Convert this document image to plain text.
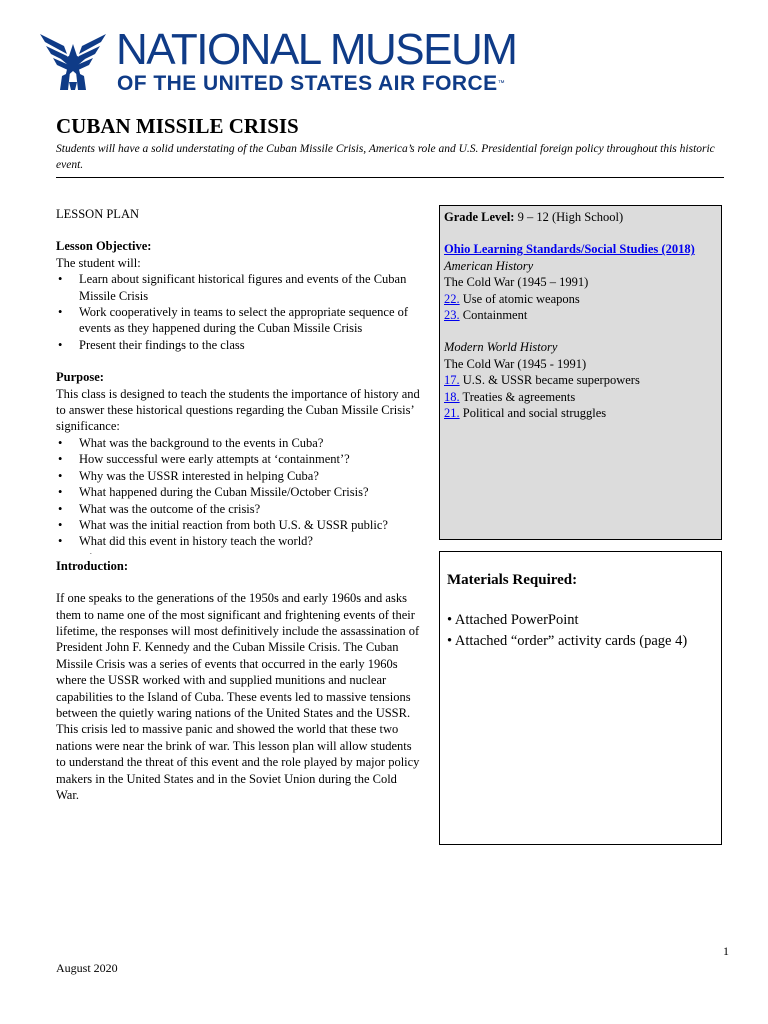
NATIONAL MUSEUM
OF THE UNITED STATES AIR FORCE™
CUBAN MISSILE CRISIS
Students will have a solid understating of the Cuban Missile Crisis, America’s role and U.S. Presidential foreign policy throughout this historic event.
LESSON PLAN
Lesson Objective:
The student will:
• Learn about significant historical figures and events of the Cuban Missile Crisis
• Work cooperatively in teams to select the appropriate sequence of events as they happened during the Cuban Missile Crisis
• Present their findings to the class
Purpose:
This class is designed to teach the students the importance of history and to answer these historical questions regarding the Cuban Missile Crisis’ significance:
• What was the background to the events in Cuba?
• How successful were early attempts at ‘containment’?
• Why was the USSR interested in helping Cuba?
• What happened during the Cuban Missile/October Crisis?
• What was the outcome of the crisis?
• What was the initial reaction from both U.S. & USSR public?
• What did this event in history teach the world?
.
Introduction:
If one speaks to the generations of the 1950s and early 1960s and asks them to name one of the most significant and frightening events of their lifetime, the responses will most definitively include the assassination of President John F. Kennedy and the Cuban Missile Crisis. The Cuban Missile Crisis was a series of events that occurred in the early 1960s where the USSR worked with and supplied munitions and nuclear capabilities to the Island of Cuba. These events led to massive tensions between the quietly waring nations of the United States and the USSR. This crisis led to massive panic and showed the world that these two nations were near the brink of war. This lesson plan will allow students to understand the threat of this event and the role played by major policy makers in the United States and in the Soviet Union during the Cold War.
Grade Level: 9 – 12 (High School)
Ohio Learning Standards/Social Studies (2018)
American History
The Cold War (1945 – 1991)
22. Use of atomic weapons
23. Containment
Modern World History
The Cold War (1945 - 1991)
17. U.S. & USSR became superpowers
18. Treaties & agreements
21. Political and social struggles
Materials Required:
• Attached PowerPoint
• Attached “order” activity cards (page 4)
1
August 2020
